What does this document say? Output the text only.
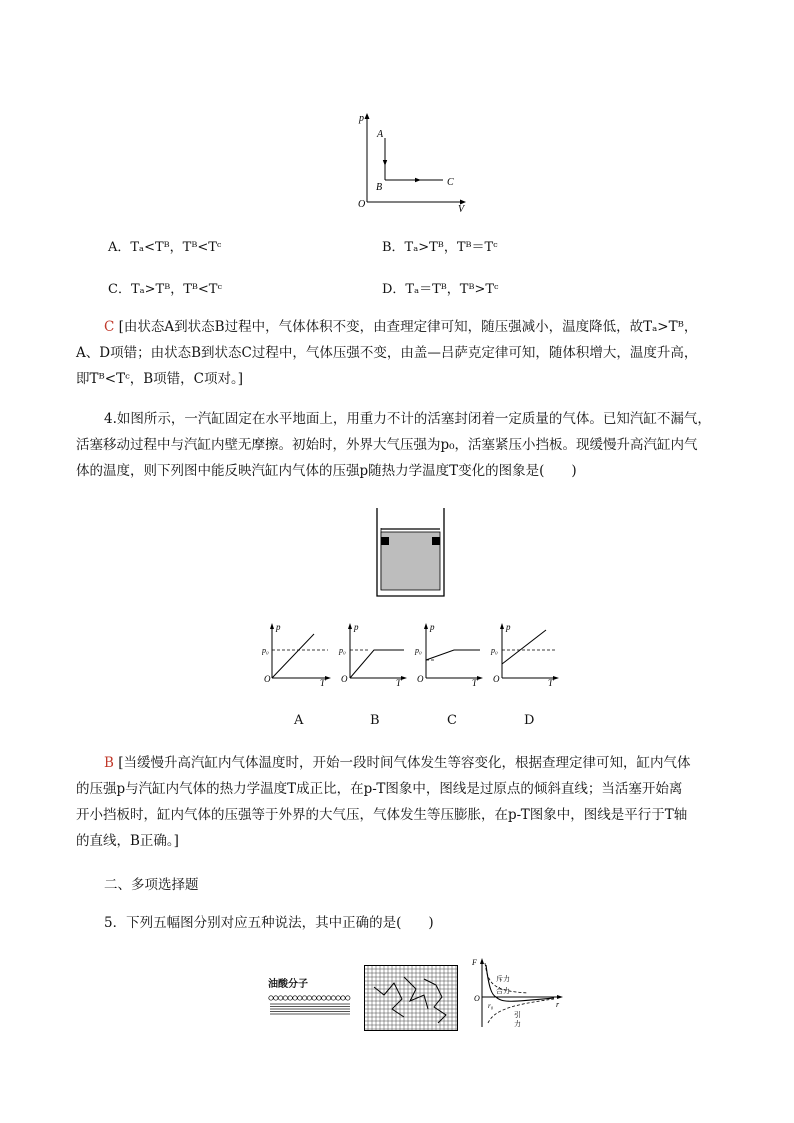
p
A
B	C
O	V
A．Tₐ<Tᴮ，Tᴮ<Tᶜ	B．Tₐ>Tᴮ，Tᴮ＝Tᶜ
C．Tₐ>Tᴮ，Tᴮ<Tᶜ	D．Tₐ＝Tᴮ，Tᴮ>Tᶜ
C [由状态A到状态B过程中，气体体积不变，由查理定律可知，随压强减小，温度降低，故Tₐ>Tᴮ，
A、D项错；由状态B到状态C过程中，气体压强不变，由盖—吕萨克定律可知，随体积增大，温度升高，
即Tᴮ<Tᶜ，B项错，C项对。]
4.如图所示，一汽缸固定在水平地面上，用重力不计的活塞封闭着一定质量的气体。已知汽缸不漏气，
活塞移动过程中与汽缸内壁无摩擦。初始时，外界大气压强为p₀，活塞紧压小挡板。现缓慢升高汽缸内气
体的温度，则下列图中能反映汽缸内气体的压强p随热力学温度T变化的图象是(　　)
p
p₀
O	T
p
p₀
O	T
p
p₀
O	T
p
p₀
O	T
A	B	C	D
B [当缓慢升高汽缸内气体温度时，开始一段时间气体发生等容变化，根据查理定律可知，缸内气体
的压强p与汽缸内气体的热力学温度T成正比，在p-T图象中，图线是过原点的倾斜直线；当活塞开始离
开小挡板时，缸内气体的压强等于外界的大气压，气体发生等压膨胀，在p-T图象中，图线是平行于T轴
的直线，B正确。]
二、多项选择题
5．下列五幅图分别对应五种说法，其中正确的是(　　)
油酸分子
F
斥力
合力
O
r
r₀
引
力
